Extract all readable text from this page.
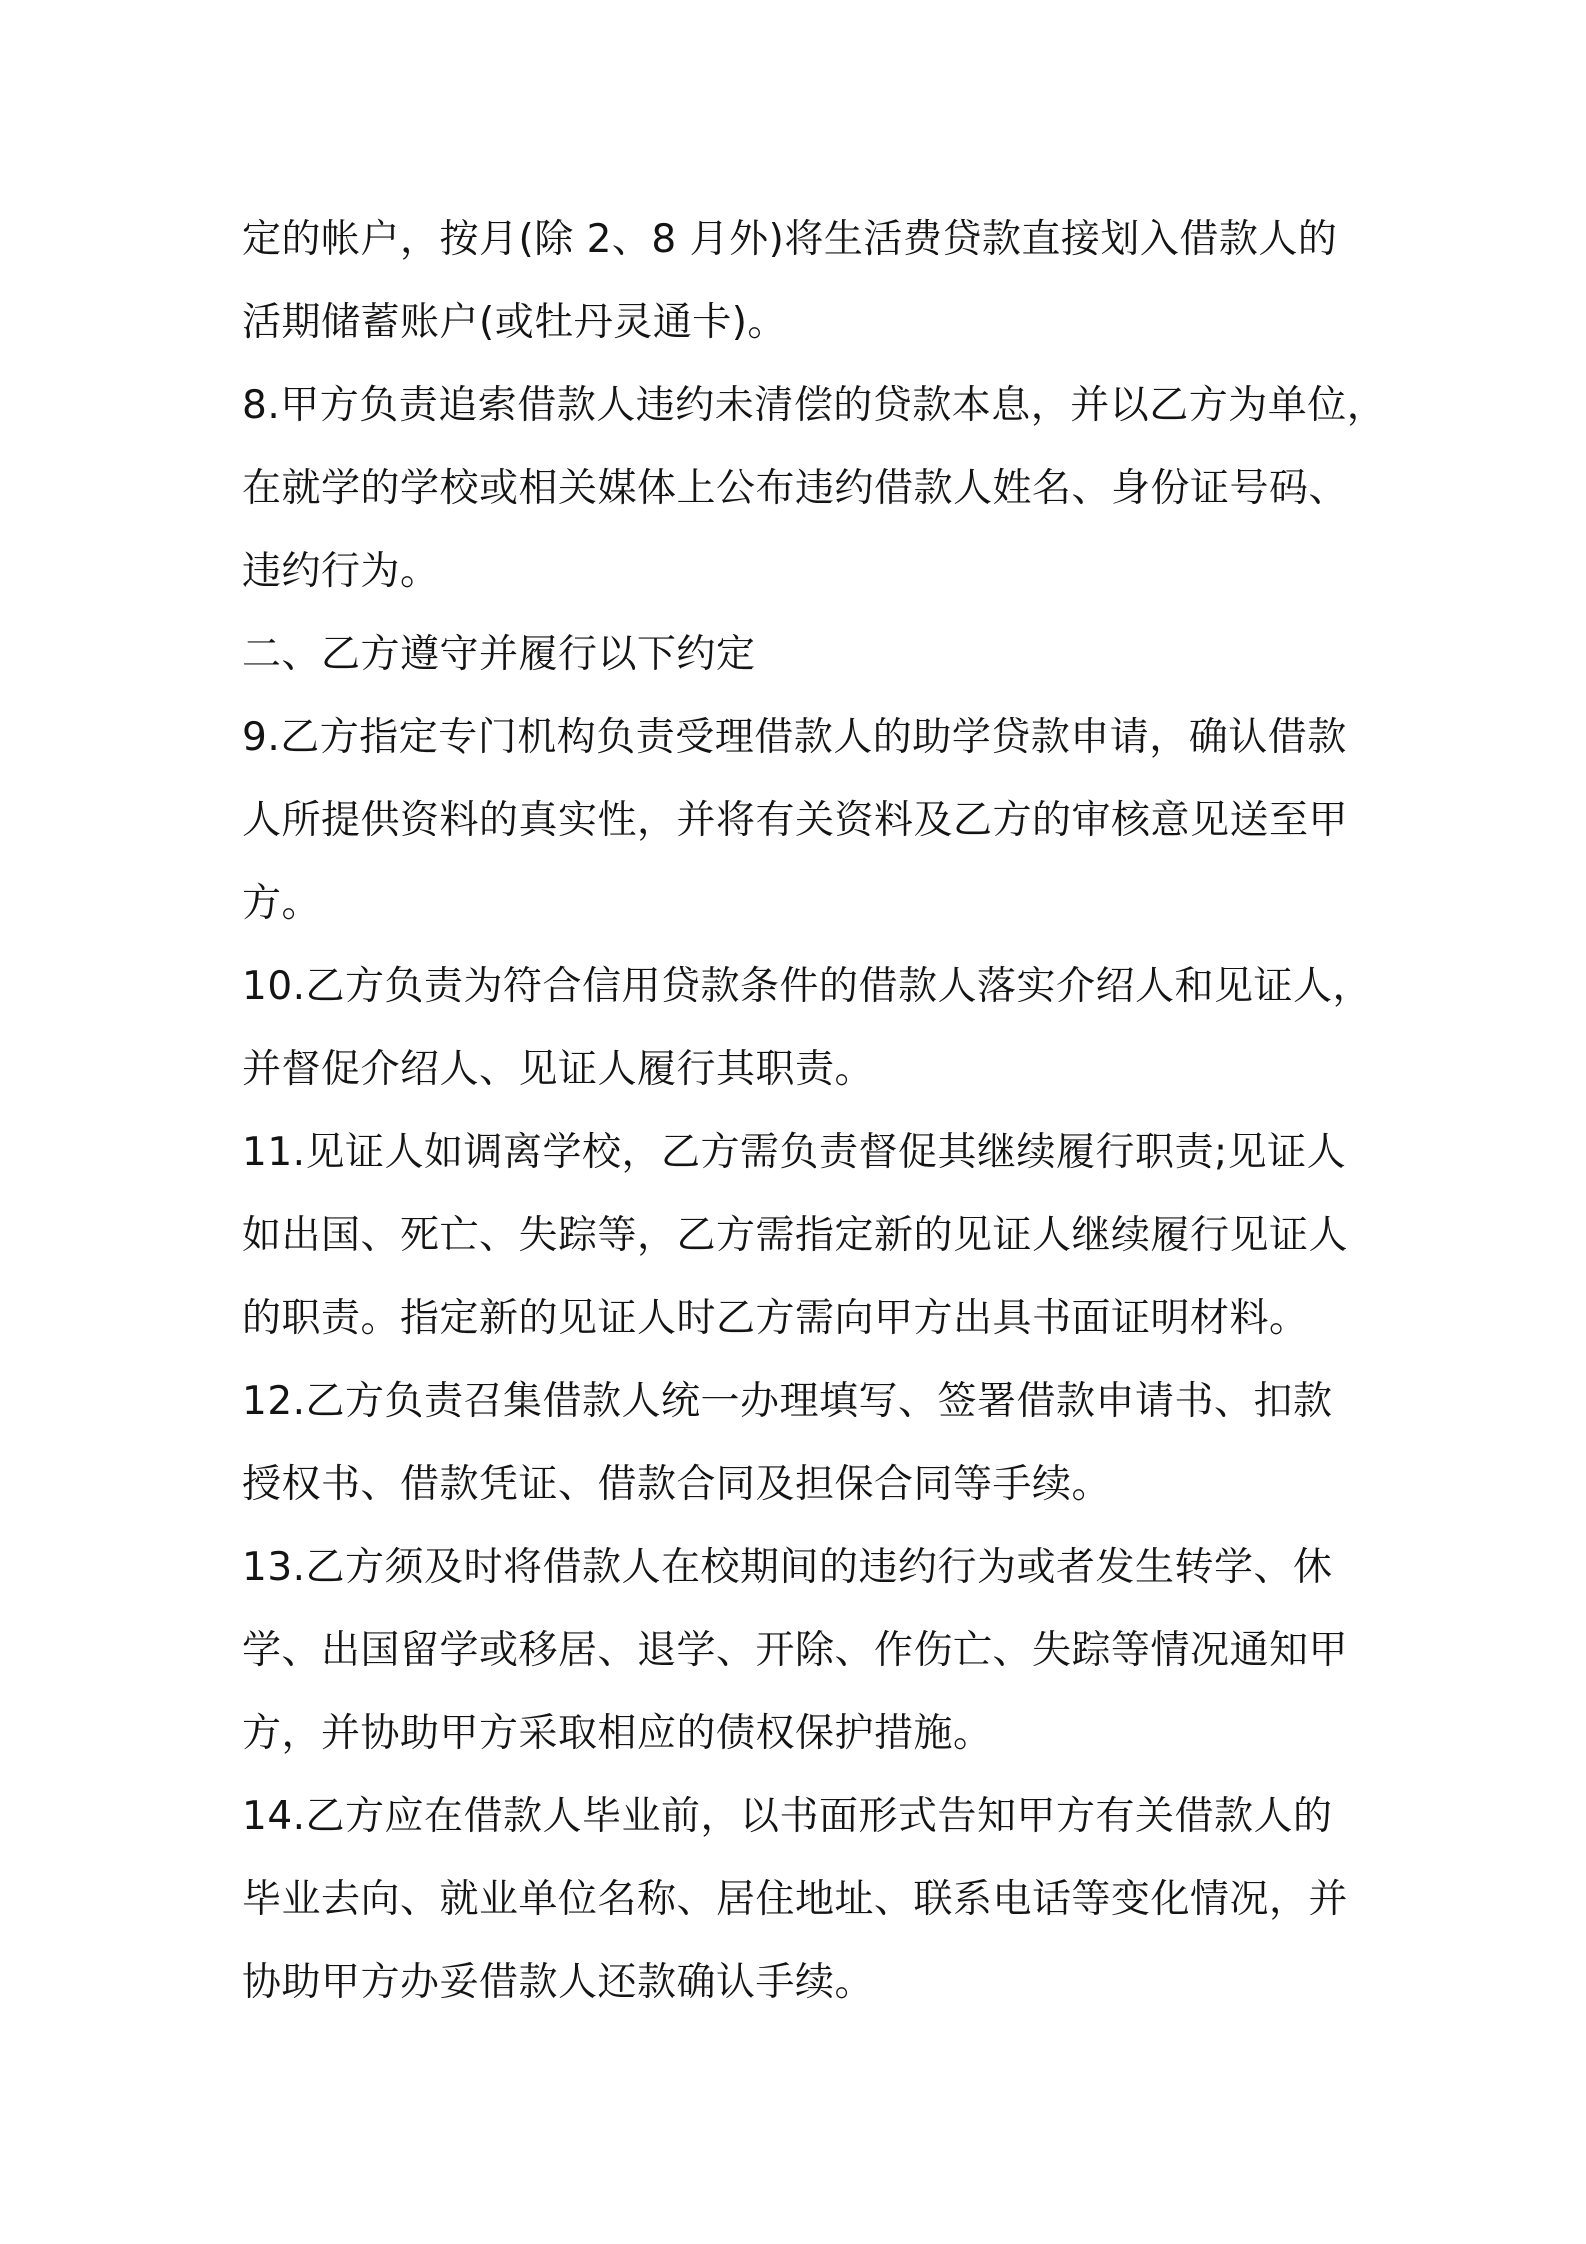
定的帐户，按月(除 2、8 月外)将生活费贷款直接划入借款人的
活期储蓄账户(或牡丹灵通卡)。

8.甲方负责追索借款人违约未清偿的贷款本息，并以乙方为单位，
在就学的学校或相关媒体上公布违约借款人姓名、身份证号码、
违约行为。

二、乙方遵守并履行以下约定

9.乙方指定专门机构负责受理借款人的助学贷款申请，确认借款
人所提供资料的真实性，并将有关资料及乙方的审核意见送至甲
方。

10.乙方负责为符合信用贷款条件的借款人落实介绍人和见证人，
并督促介绍人、见证人履行其职责。

11.见证人如调离学校，乙方需负责督促其继续履行职责;见证人
如出国、死亡、失踪等，乙方需指定新的见证人继续履行见证人
的职责。指定新的见证人时乙方需向甲方出具书面证明材料。

12.乙方负责召集借款人统一办理填写、签署借款申请书、扣款
授权书、借款凭证、借款合同及担保合同等手续。

13.乙方须及时将借款人在校期间的违约行为或者发生转学、休
学、出国留学或移居、退学、开除、作伤亡、失踪等情况通知甲
方，并协助甲方采取相应的债权保护措施。

14.乙方应在借款人毕业前，以书面形式告知甲方有关借款人的
毕业去向、就业单位名称、居住地址、联系电话等变化情况，并
协助甲方办妥借款人还款确认手续。
